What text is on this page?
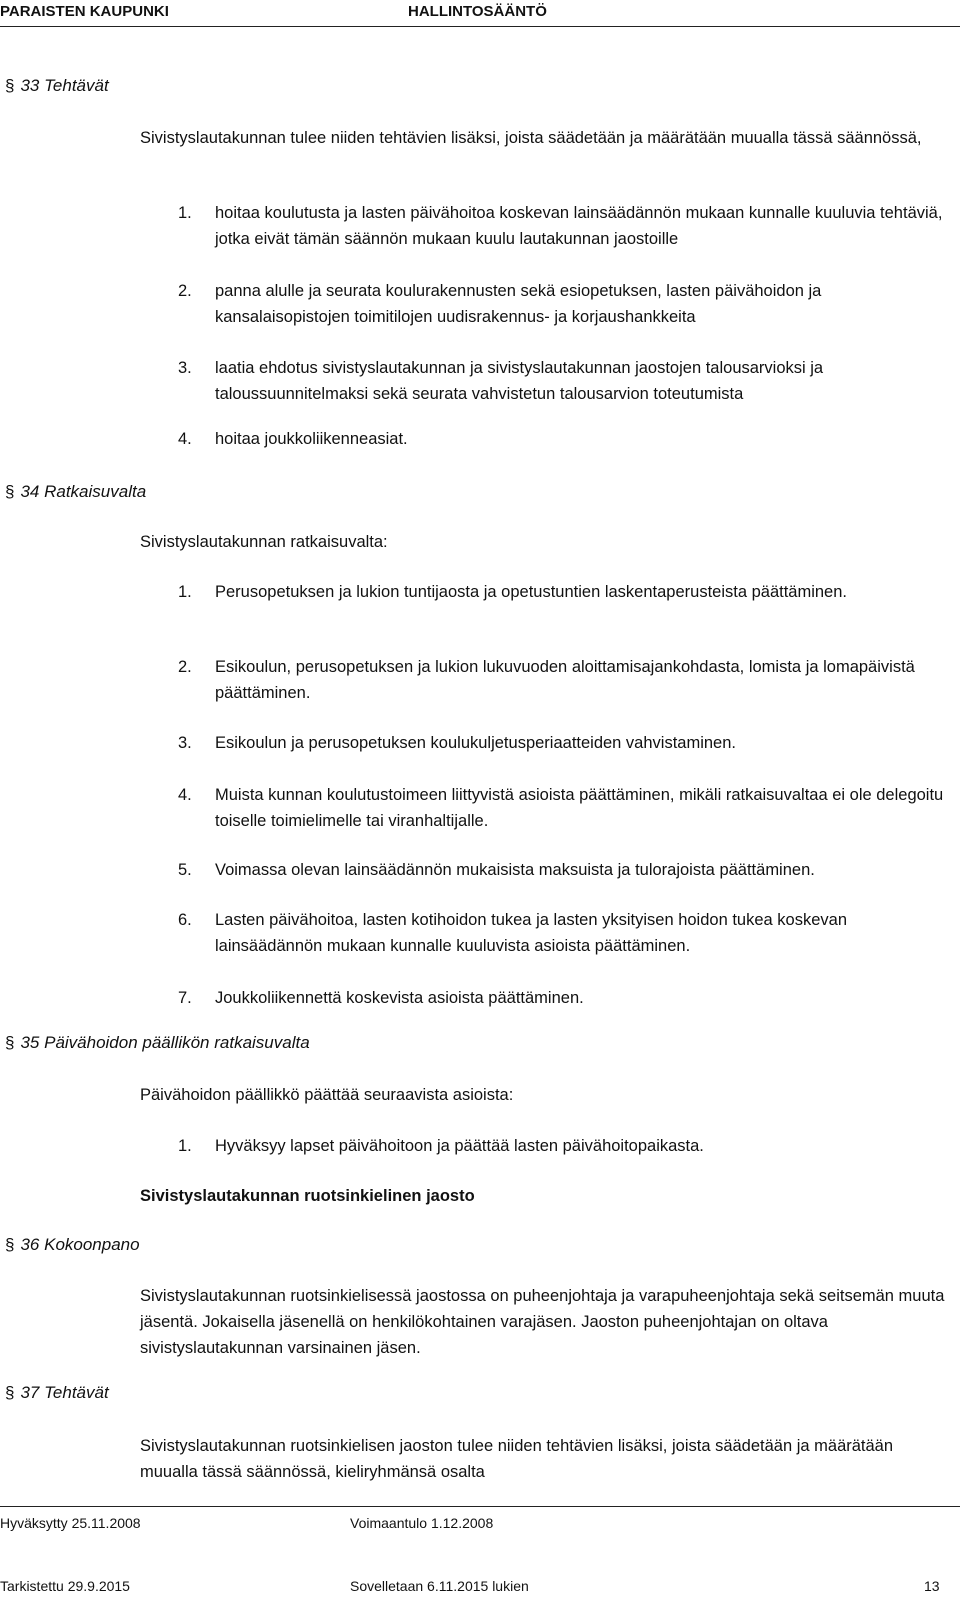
PARAISTEN KAUPUNKI	HALLINTOSÄÄNTÖ
§ 33 Tehtävät
Sivistyslautakunnan tulee niiden tehtävien lisäksi, joista säädetään ja määrätään muualla tässä säännössä,
1. hoitaa koulutusta ja lasten päivähoitoa koskevan lainsäädännön mukaan kunnalle kuuluvia tehtäviä, jotka eivät tämän säännön mukaan kuulu lautakunnan jaostoille
2. panna alulle ja seurata koulurakennusten sekä esiopetuksen, lasten päivähoidon ja kansalaisopistojen toimitilojen uudisrakennus- ja korjaushankkeita
3. laatia ehdotus sivistyslautakunnan ja sivistyslautakunnan jaostojen talousarvioksi ja taloussuunnitelmaksi sekä seurata vahvistetun talousarvion toteutumista
4. hoitaa joukkoliikenneasiat.
§ 34 Ratkaisuvalta
Sivistyslautakunnan ratkaisuvalta:
1. Perusopetuksen ja lukion tuntijaosta ja opetustuntien laskentaperusteista päättäminen.
2. Esikoulun, perusopetuksen ja lukion lukuvuoden aloittamisajankohdasta, lomista ja lomapäivistä päättäminen.
3. Esikoulun ja perusopetuksen koulukuljetusperiaatteiden vahvistaminen.
4. Muista kunnan koulutustoimeen liittyvistä asioista päättäminen, mikäli ratkaisuvaltaa ei ole delegoitu toiselle toimielimelle tai viranhaltijalle.
5. Voimassa olevan lainsäädännön mukaisista maksuista ja tulorajoista päättäminen.
6. Lasten päivähoitoa, lasten kotihoidon tukea ja lasten yksityisen hoidon tukea koskevan lainsäädännön mukaan kunnalle kuuluvista asioista päättäminen.
7. Joukkoliikennettä koskevista asioista päättäminen.
§ 35 Päivähoidon päällikön ratkaisuvalta
Päivähoidon päällikkö päättää seuraavista asioista:
1. Hyväksyy lapset päivähoitoon ja päättää lasten päivähoitopaikasta.
Sivistyslautakunnan ruotsinkielinen jaosto
§ 36 Kokoonpano
Sivistyslautakunnan ruotsinkielisessä jaostossa on puheenjohtaja ja varapuheenjohtaja sekä seitsemän muuta jäsentä. Jokaisella jäsenellä on henkilökohtainen varajäsen. Jaoston puheenjohtajan on oltava sivistyslautakunnan varsinainen jäsen.
§ 37 Tehtävät
Sivistyslautakunnan ruotsinkielisen jaoston tulee niiden tehtävien lisäksi, joista säädetään ja määrätään muualla tässä säännössä, kieliryhmänsä osalta
Hyväksytty 25.11.2008
Tarkistettu 29.9.2015
Voimaantulo 1.12.2008
Sovelletaan 6.11.2015 lukien	13
